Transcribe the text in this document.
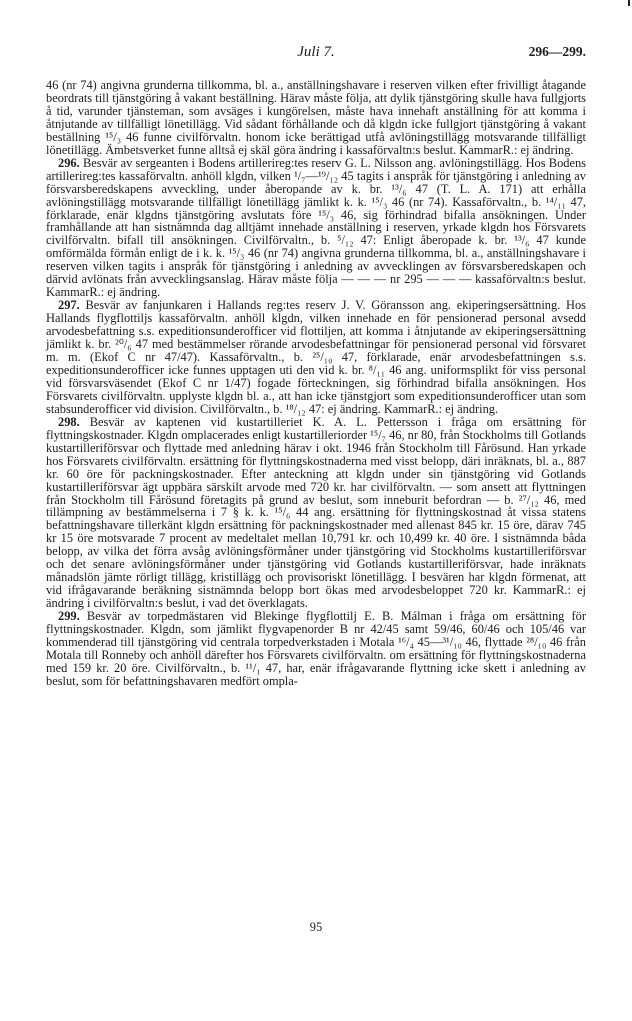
Juli 7.	296—299.

46 (nr 74) angivna grunderna tillkomma, bl. a., anställningshavare i reserven vilken efter frivilligt åtagande beordrats till tjänstgöring å vakant beställning. Härav måste följa, att dylik tjänstgöring skulle hava fullgjorts å tid, varunder tjänsteman, som avsäges i kungörelsen, måste hava innehaft anställning för att komma i åtnjutande av tillfälligt lönetillägg. Vid sådant förhållande och då klgdn icke fullgjort tjänstgöring å vakant beställning ¹⁵/₃ 46 funne civilförvaltn. honom icke berättigad utfå avlöningstillägg motsvarande tillfälligt lönetillägg. Ämbetsverket funne alltså ej skäl göra ändring i kassaförvaltn:s beslut. KammarR.: ej ändring.

296. Besvär av sergeanten i Bodens artillerireg:tes reserv G. L. Nilsson ang. avlöningstillägg. Hos Bodens artillerireg:tes kassaförvaltn. anhöll klgdn, vilken ¹/₇—¹⁹/₁₂ 45 tagits i anspråk för tjänstgöring i anledning av försvarsberedskapens avveckling, under åberopande av k. br. ¹³/₆ 47 (T. L. A. 171) att erhålla avlöningstillägg motsvarande tillfälligt lönetillägg jämlikt k. k. ¹⁵/₃ 46 (nr 74). Kassaförvaltn., b. ¹⁴/₁₁ 47, förklarade, enär klgdns tjänstgöring avslutats före ¹⁵/₃ 46, sig förhindrad bifalla ansökningen. Under framhållande att han sistnämnda dag alltjämt innehade anställning i reserven, yrkade klgdn hos Försvarets civilförvaltn. bifall till ansökningen. Civilförvaltn., b. ⁵/₁₂ 47: Enligt åberopade k. br. ¹³/₆ 47 kunde omförmälda förmån enligt de i k. k. ¹⁵/₃ 46 (nr 74) angivna grunderna tillkomma, bl. a., anställningshavare i reserven vilken tagits i anspråk för tjänstgöring i anledning av avvecklingen av försvarsberedskapen och därvid avlönats från avvecklingsanslag. Härav måste följa — — — nr 295 — — — kassaförvaltn:s beslut. KammarR.: ej ändring.

297. Besvär av fanjunkaren i Hallands reg:tes reserv J. V. Göransson ang. ekiperingsersättning. Hos Hallands flygflottiljs kassaförvaltn. anhöll klgdn, vilken innehade en för pensionerad personal avsedd arvodesbefattning s.s. expeditionsunderofficer vid flottiljen, att komma i åtnjutande av ekiperingsersättning jämlikt k. br. ²⁰/₆ 47 med bestämmelser rörande arvodesbefattningar för pensionerad personal vid försvaret m. m. (Ekof C nr 47/47). Kassaförvaltn., b. ²⁵/₁₀ 47, förklarade, enär arvodesbefattningen s.s. expeditionsunderofficer icke funnes upptagen uti den vid k. br. ⁸/₁₁ 46 ang. uniformsplikt för viss personal vid försvarsväsendet (Ekof C nr 1/47) fogade förteckningen, sig förhindrad bifalla ansökningen. Hos Försvarets civilförvaltn. upplyste klgdn bl. a., att han icke tjänstgjort som expeditionsunderofficer utan som stabsunderofficer vid division. Civilförvaltn., b. ¹⁸/₁₂ 47: ej ändring. KammarR.: ej ändring.

298. Besvär av kaptenen vid kustartilleriet K. A. L. Pettersson i fråga om ersättning för flyttningskostnader. Klgdn omplacerades enligt kustartilleriorder ¹⁵/₇ 46, nr 80, från Stockholms till Gotlands kustartilleriförsvar och flyttade med anledning härav i okt. 1946 från Stockholm till Fårösund. Han yrkade hos Försvarets civilförvaltn. ersättning för flyttningskostnaderna med visst belopp, däri inräknats, bl. a., 887 kr. 60 öre för packningskostnader. Efter anteckning att klgdn under sin tjänstgöring vid Gotlands kustartilleriförsvar ägt uppbära särskilt arvode med 720 kr. har civilförvaltn. — som ansett att flyttningen från Stockholm till Fårösund företagits på grund av beslut, som inneburit befordran — b. ²⁷/₁₂ 46, med tillämpning av bestämmelserna i 7 § k. k. ¹⁵/₆ 44 ang. ersättning för flyttningskostnad åt vissa statens befattningshavare tillerkänt klgdn ersättning för packningskostnader med allenast 845 kr. 15 öre, därav 745 kr 15 öre motsvarade 7 procent av medeltalet mellan 10,791 kr. och 10,499 kr. 40 öre. I sistnämnda båda belopp, av vilka det förra avsåg avlöningsförmåner under tjänstgöring vid Stockholms kustartilleriförsvar och det senare avlöningsförmåner under tjänstgöring vid Gotlands kustartilleriförsvar, hade inräknats månadslön jämte rörligt tillägg, kristillägg och provisoriskt lönetillägg. I besvären har klgdn förmenat, att vid ifrågavarande beräkning sistnämnda belopp bort ökas med arvodesbeloppet 720 kr. KammarR.: ej ändring i civilförvaltn:s beslut, i vad det överklagats.

299. Besvär av torpedmästaren vid Blekinge flygflottilj E. B. Málman i fråga om ersättning för flyttningskostnader. Klgdn, som jämlikt flygvapenorder B nr 42/45 samt 59/46, 60/46 och 105/46 var kommenderad till tjänstgöring vid centrala torpedverkstaden i Motala ¹⁶/₄ 45—³¹/₁₀ 46, flyttade ²⁸/₁₀ 46 från Motala till Ronneby och anhöll därefter hos Försvarets civilförvaltn. om ersättning för flyttningskostnaderna med 159 kr. 20 öre. Civilförvaltn., b. ¹¹/₁ 47, har, enär ifrågavarande flyttning icke skett i anledning av beslut, som för befattningshavaren medfört ompla-

95
